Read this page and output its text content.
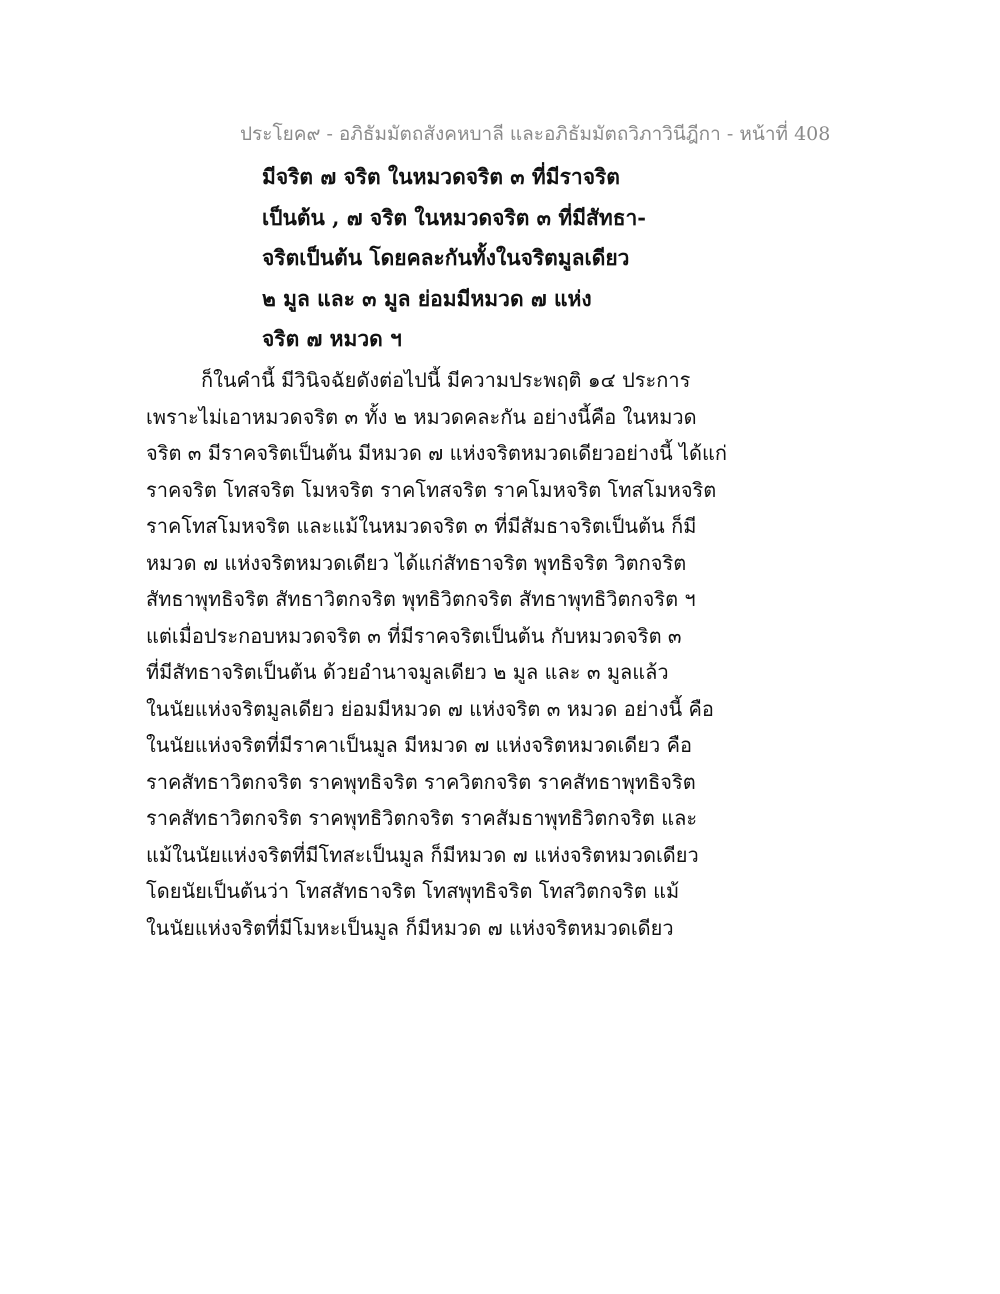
ประโยค๙ - อภิธัมมัตถสังคหบาลี และอภิธัมมัตถวิภาวินีฎีกา - หน้าที่ 408
มีจริต ๗ จริต ในหมวดจริต ๓ ที่มีราจริต
เป็นต้น , ๗ จริต ในหมวดจริต ๓ ที่มีสัทธา-
จริตเป็นต้น โดยคละกันทั้งในจริตมูลเดียว
๒ มูล และ ๓ มูล ย่อมมีหมวด ๗ แห่ง
จริต ๗ หมวด ฯ
ก็ในคำนี้ มีวินิจฉัยดังต่อไปนี้ มีความประพฤติ ๑๔ ประการ
เพราะไม่เอาหมวดจริต ๓ ทั้ง ๒ หมวดคละกัน อย่างนี้คือ ในหมวด
จริต ๓ มีราคจริตเป็นต้น มีหมวด ๗ แห่งจริตหมวดเดียวอย่างนี้ ได้แก่
ราคจริต โทสจริต โมหจริต ราคโทสจริต ราคโมหจริต โทสโมหจริต
ราคโทสโมหจริต และแม้ในหมวดจริต ๓ ที่มีสัมธาจริตเป็นต้น ก็มี
หมวด ๗ แห่งจริตหมวดเดียว ได้แก่สัทธาจริต พุทธิจริต วิตกจริต
สัทธาพุทธิจริต สัทธาวิตกจริต พุทธิวิตกจริต สัทธาพุทธิวิตกจริต ฯ
แต่เมื่อประกอบหมวดจริต ๓ ที่มีราคจริตเป็นต้น กับหมวดจริต ๓
ที่มีสัทธาจริตเป็นต้น ด้วยอำนาจมูลเดียว ๒ มูล และ ๓ มูลแล้ว
ในนัยแห่งจริตมูลเดียว ย่อมมีหมวด ๗ แห่งจริต ๓ หมวด อย่างนี้ คือ
ในนัยแห่งจริตที่มีราคาเป็นมูล มีหมวด ๗ แห่งจริตหมวดเดียว คือ
ราคสัทธาวิตกจริต ราคพุทธิจริต ราควิตกจริต ราคสัทธาพุทธิจริต
ราคสัทธาวิตกจริต ราคพุทธิวิตกจริต ราคสัมธาพุทธิวิตกจริต และ
แม้ในนัยแห่งจริตที่มีโทสะเป็นมูล ก็มีหมวด ๗ แห่งจริตหมวดเดียว
โดยนัยเป็นต้นว่า โทสสัทธาจริต โทสพุทธิจริต โทสวิตกจริต แม้
ในนัยแห่งจริตที่มีโมหะเป็นมูล ก็มีหมวด ๗ แห่งจริตหมวดเดียว
